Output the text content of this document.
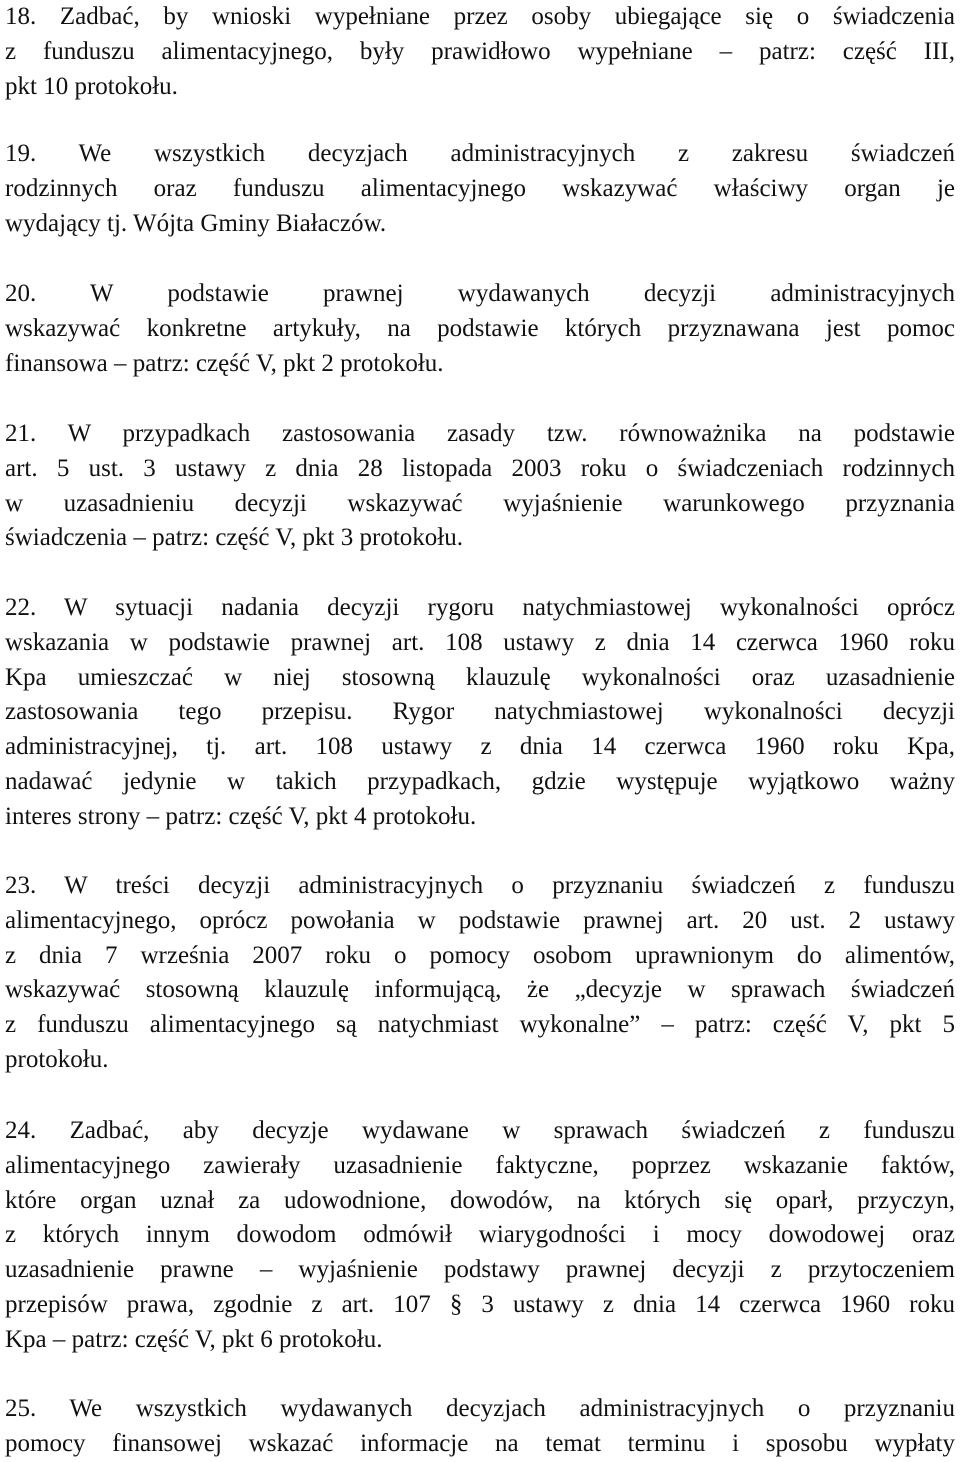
18. Zadbać, by wnioski wypełniane przez osoby ubiegające się o świadczenia
z funduszu alimentacyjnego, były prawidłowo wypełniane – patrz: część III,
pkt 10 protokołu.
19. We wszystkich decyzjach administracyjnych z zakresu świadczeń
rodzinnych oraz funduszu alimentacyjnego wskazywać właściwy organ je
wydający tj. Wójta Gminy Białaczów.
20. W podstawie prawnej wydawanych decyzji administracyjnych
wskazywać konkretne artykuły, na podstawie których przyznawana jest pomoc
finansowa – patrz: część V, pkt 2 protokołu.
21. W przypadkach zastosowania zasady tzw. równoważnika na podstawie
art. 5 ust. 3 ustawy z dnia 28 listopada 2003 roku o świadczeniach rodzinnych
w uzasadnieniu decyzji wskazywać wyjaśnienie warunkowego przyznania
świadczenia – patrz: część V, pkt 3 protokołu.
22. W sytuacji nadania decyzji rygoru natychmiastowej wykonalności oprócz
wskazania w podstawie prawnej art. 108 ustawy z dnia 14 czerwca 1960 roku
Kpa umieszczać w niej stosowną klauzulę wykonalności oraz uzasadnienie
zastosowania tego przepisu. Rygor natychmiastowej wykonalności decyzji
administracyjnej, tj. art. 108 ustawy z dnia 14 czerwca 1960 roku Kpa,
nadawać jedynie w takich przypadkach, gdzie występuje wyjątkowo ważny
interes strony – patrz: część V, pkt 4 protokołu.
23. W treści decyzji administracyjnych o przyznaniu świadczeń z funduszu
alimentacyjnego, oprócz powołania w podstawie prawnej art. 20 ust. 2 ustawy
z dnia 7 września 2007 roku o pomocy osobom uprawnionym do alimentów,
wskazywać stosowną klauzulę informującą, że „decyzje w sprawach świadczeń
z funduszu alimentacyjnego są natychmiast wykonalne” – patrz: część V, pkt 5
protokołu.
24. Zadbać, aby decyzje wydawane w sprawach świadczeń z funduszu
alimentacyjnego zawierały uzasadnienie faktyczne, poprzez wskazanie faktów,
które organ uznał za udowodnione, dowodów, na których się oparł, przyczyn,
z których innym dowodom odmówił wiarygodności i mocy dowodowej oraz
uzasadnienie prawne – wyjaśnienie podstawy prawnej decyzji z przytoczeniem
przepisów prawa, zgodnie z art. 107 § 3 ustawy z dnia 14 czerwca 1960 roku
Kpa – patrz: część V, pkt 6 protokołu.
25. We wszystkich wydawanych decyzjach administracyjnych o przyznaniu
pomocy finansowej wskazać informacje na temat terminu i sposobu wypłaty
